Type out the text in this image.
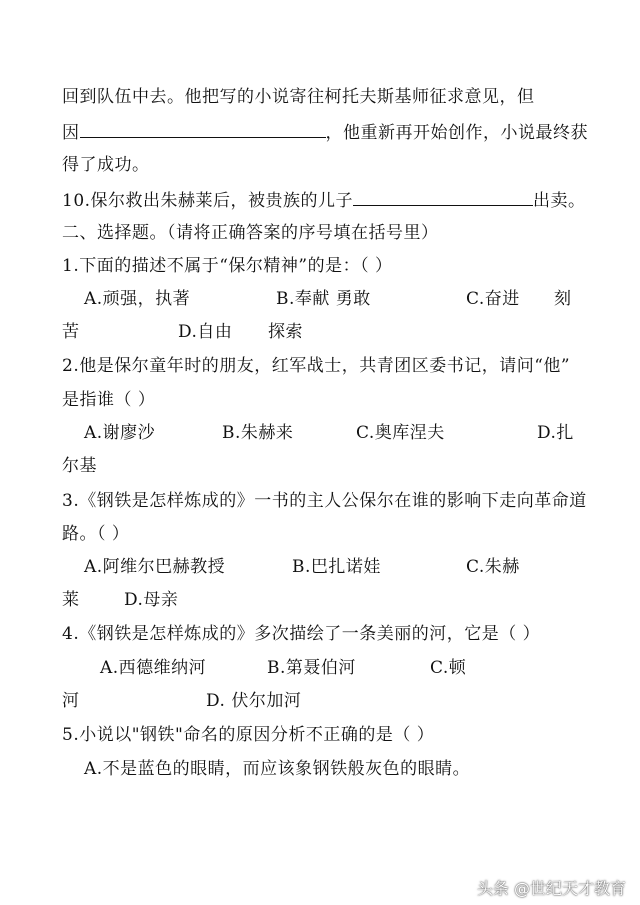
回到队伍中去。他把写的小说寄往柯托夫斯基师征求意见，但
因	，他重新再开始创作，小说最终获
得了成功。
10.保尔救出朱赫莱后，被贵族的儿子	出卖。
二、选择题。（请将正确答案的序号填在括号里）
1.下面的描述不属于“保尔精神”的是：（ ）
A.顽强，执著	B.奉献 勇敢	C.奋进 刻
苦	D.自由 探索
2.他是保尔童年时的朋友，红军战士，共青团区委书记，请问“他”
是指谁（ ）
A.谢廖沙	B.朱赫来	C.奥库涅夫	D.扎
尔基
3.《钢铁是怎样炼成的》一书的主人公保尔在谁的影响下走向革命道
路。（ ）
A.阿维尔巴赫教授	B.巴扎诺娃	C.朱赫
莱	D.母亲
4.《钢铁是怎样炼成的》多次描绘了一条美丽的河，它是（ ）
A.西德维纳河	B.第聂伯河	C.顿
河	D. 伏尔加河
5.小说以"钢铁"命名的原因分析不正确的是（ ）
A.不是蓝色的眼睛，而应该象钢铁般灰色的眼睛。
头条 @世纪天才教育
